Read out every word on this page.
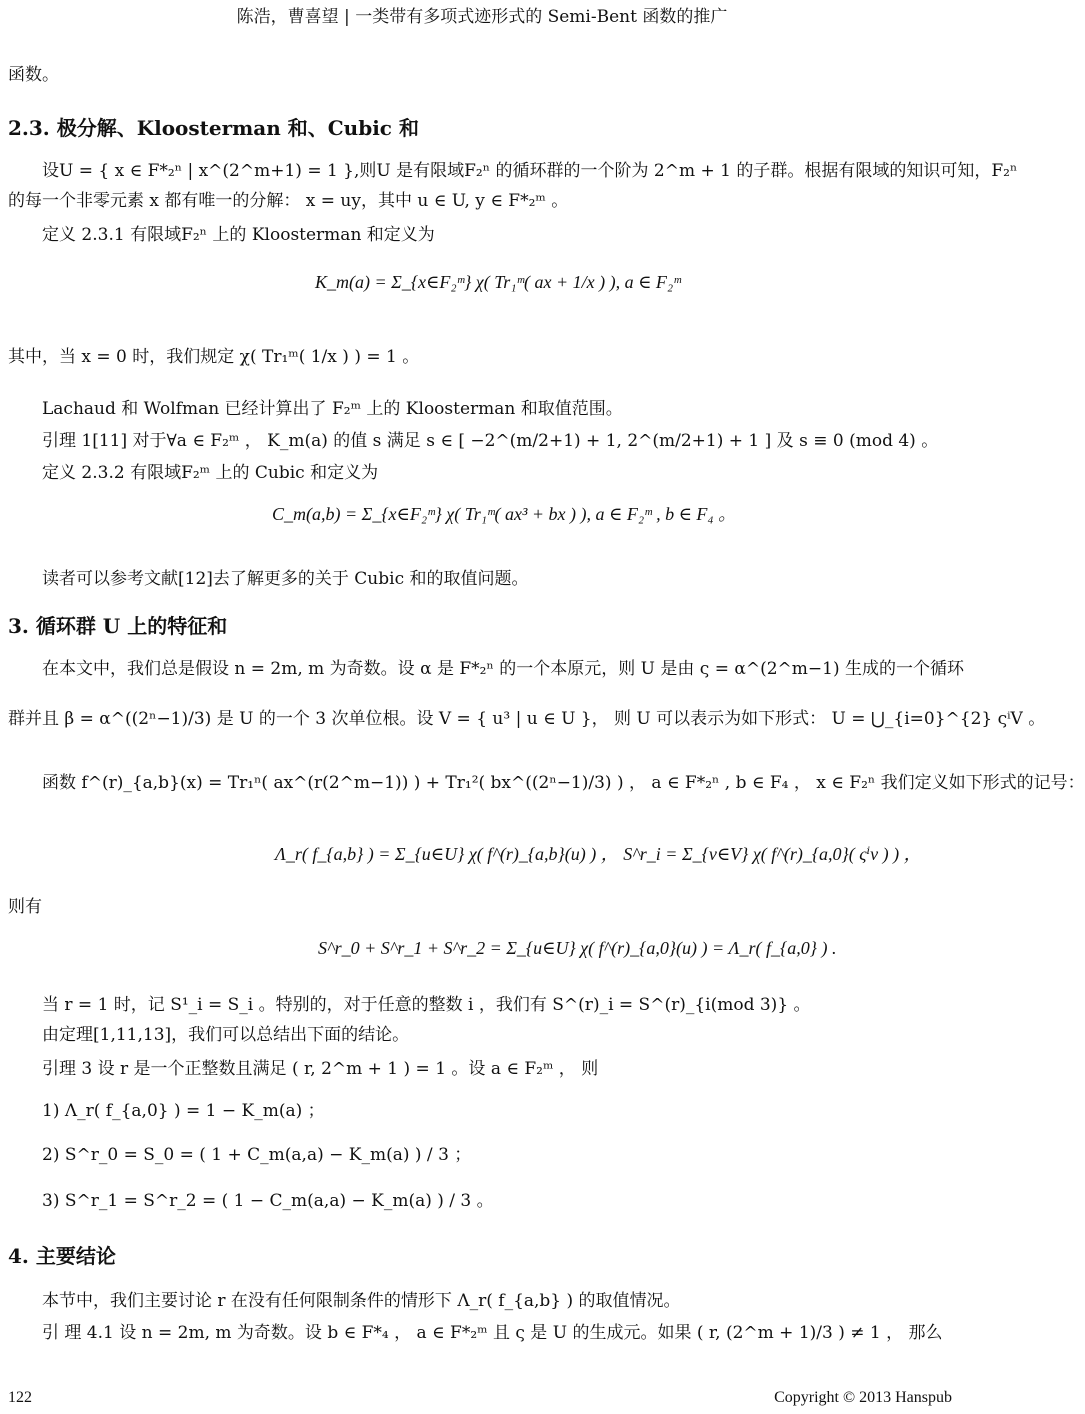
陈浩，曹喜望 | 一类带有多项式迹形式的 Semi-Bent 函数的推广
函数。
2.3. 极分解、Kloosterman 和、Cubic 和
设U = { x ∈ F*₂ⁿ | x^(2^m+1) = 1 },则U 是有限域F₂ⁿ 的循环群的一个阶为 2^m + 1 的子群。根据有限域的知识可知，F₂ⁿ
的每一个非零元素 x 都有唯一的分解： x = uy，其中 u ∈ U, y ∈ F*₂ᵐ 。
定义 2.3.1 有限域F₂ⁿ 上的 Kloosterman 和定义为
K_m(a) = Σ_{x∈F₂ᵐ} χ( Tr₁ᵐ( ax + 1/x ) ), a ∈ F₂ᵐ
其中，当 x = 0 时，我们规定 χ( Tr₁ᵐ( 1/x ) ) = 1 。
Lachaud 和 Wolfman 已经计算出了 F₂ᵐ 上的 Kloosterman 和取值范围。
引理 1[11] 对于∀a ∈ F₂ᵐ ， K_m(a) 的值 s 满足 s ∈ [ −2^(m/2+1) + 1, 2^(m/2+1) + 1 ] 及 s ≡ 0 (mod 4) 。
定义 2.3.2 有限域F₂ᵐ 上的 Cubic 和定义为
C_m(a,b) = Σ_{x∈F₂ᵐ} χ( Tr₁ᵐ( ax³ + bx ) ), a ∈ F₂ᵐ , b ∈ F₄ 。
读者可以参考文献[12]去了解更多的关于 Cubic 和的取值问题。
3. 循环群 U 上的特征和
在本文中，我们总是假设 n = 2m, m 为奇数。设 α 是 F*₂ⁿ 的一个本原元，则 U 是由 ς = α^(2^m−1) 生成的一个循环
群并且 β = α^((2ⁿ−1)/3) 是 U 的一个 3 次单位根。设 V = { u³ | u ∈ U }， 则 U 可以表示为如下形式： U = ⋃_{i=0}^{2} ςⁱV 。
函数 f^(r)_{a,b}(x) = Tr₁ⁿ( ax^(r(2^m−1)) ) + Tr₁²( bx^((2ⁿ−1)/3) ) ， a ∈ F*₂ⁿ , b ∈ F₄ ， x ∈ F₂ⁿ 我们定义如下形式的记号：
Λ_r( f_{a,b} ) = Σ_{u∈U} χ( f^(r)_{a,b}(u) ) ， S^r_i = Σ_{v∈V} χ( f^(r)_{a,0}( ςⁱv ) ) ，
则有
S^r_0 + S^r_1 + S^r_2 = Σ_{u∈U} χ( f^(r)_{a,0}(u) ) = Λ_r( f_{a,0} ) .
当 r = 1 时，记 S¹_i = S_i 。特别的，对于任意的整数 i ，我们有 S^(r)_i = S^(r)_{i(mod 3)} 。
由定理[1,11,13]，我们可以总结出下面的结论。
引理 3 设 r 是一个正整数且满足 ( r, 2^m + 1 ) = 1 。设 a ∈ F₂ᵐ ， 则
1) Λ_r( f_{a,0} ) = 1 − K_m(a) ；
2) S^r_0 = S_0 = ( 1 + C_m(a,a) − K_m(a) ) / 3 ；
3) S^r_1 = S^r_2 = ( 1 − C_m(a,a) − K_m(a) ) / 3 。
4. 主要结论
本节中，我们主要讨论 r 在没有任何限制条件的情形下 Λ_r( f_{a,b} ) 的取值情况。
引 理 4.1 设 n = 2m, m 为奇数。设 b ∈ F*₄ ， a ∈ F*₂ᵐ 且 ς 是 U 的生成元。如果 ( r, (2^m + 1)/3 ) ≠ 1 ， 那么
122	Copyright © 2013 Hanspub
